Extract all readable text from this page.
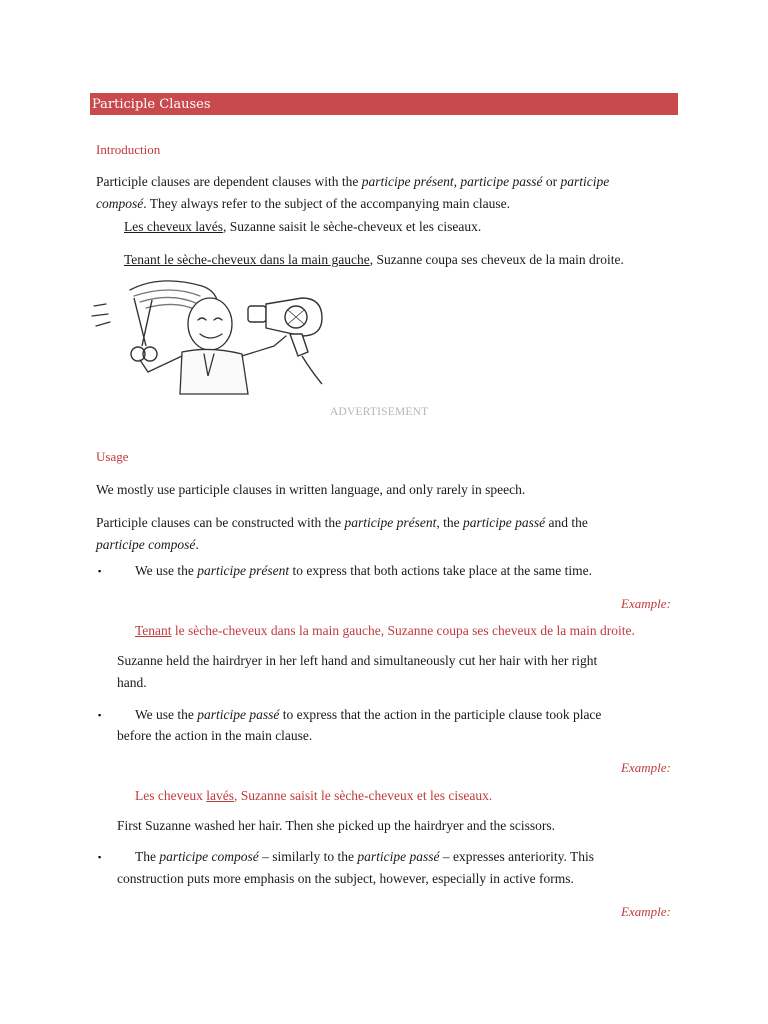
Participle Clauses
Introduction
Participle clauses are dependent clauses with the participe présent, participe passé or participe
composé. They always refer to the subject of the accompanying main clause.
Les cheveux lavés, Suzanne saisit le sèche-cheveux et les ciseaux.
Tenant le sèche-cheveux dans la main gauche, Suzanne coupa ses cheveux de la main droite.
ADVERTISEMENT
Usage
We mostly use participle clauses in written language, and only rarely in speech.
Participle clauses can be constructed with the participe présent, the participe passé and the
participe composé.
▪	We use the participe présent to express that both actions take place at the same time.
Example:
Tenant le sèche-cheveux dans la main gauche, Suzanne coupa ses cheveux de la main droite.
Suzanne held the hairdryer in her left hand and simultaneously cut her hair with her right
hand.
▪	We use the participe passé to express that the action in the participle clause took place
before the action in the main clause.
Example:
Les cheveux lavés, Suzanne saisit le sèche-cheveux et les ciseaux.
First Suzanne washed her hair. Then she picked up the hairdryer and the scissors.
▪	The participe composé – similarly to the participe passé – expresses anteriority. This
construction puts more emphasis on the subject, however, especially in active forms.
Example:
